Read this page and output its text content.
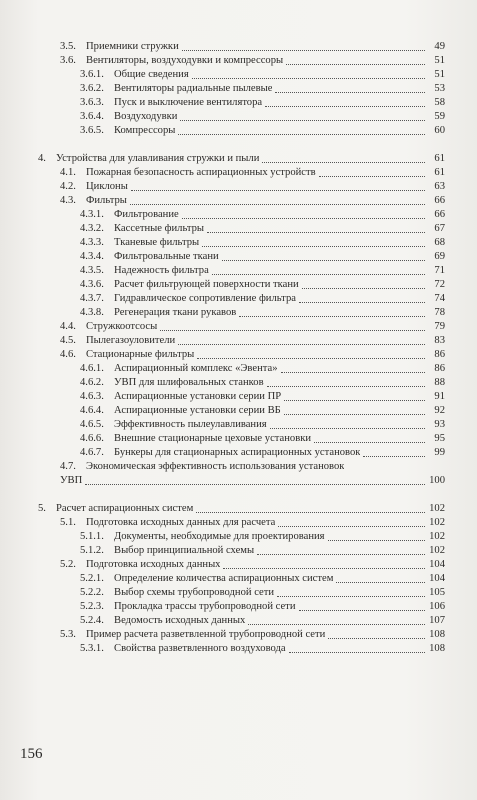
3.5. Приемники стружки	49
3.6. Вентиляторы, воздуходувки и компрессоры	51
3.6.1. Общие сведения	51
3.6.2. Вентиляторы радиальные пылевые	53
3.6.3. Пуск и выключение вентилятора	58
3.6.4. Воздуходувки	59
3.6.5. Компрессоры	60
4. Устройства для улавливания стружки и пыли	61
4.1. Пожарная безопасность аспирационных устройств	61
4.2. Циклоны	63
4.3. Фильтры	66
4.3.1. Фильтрование	66
4.3.2. Кассетные фильтры	67
4.3.3. Тканевые фильтры	68
4.3.4. Фильтровальные ткани	69
4.3.5. Надежность фильтра	71
4.3.6. Расчет фильтрующей поверхности ткани	72
4.3.7. Гидравлическое сопротивление фильтра	74
4.3.8. Регенерация ткани рукавов	78
4.4. Стружкоотсосы	79
4.5. Пылегазоуловители	83
4.6. Стационарные фильтры	86
4.6.1. Аспирационный комплекс «Эвента»	86
4.6.2. УВП для шлифовальных станков	88
4.6.3. Аспирационные установки серии ПР	91
4.6.4. Аспирационные установки серии ВБ	92
4.6.5. Эффективность пылеулавливания	93
4.6.6. Внешние стационарные цеховые установки	95
4.6.7. Бункеры для стационарных аспирационных установок	99
4.7. Экономическая эффективность использования установок
УВП	100
5. Расчет аспирационных систем	102
5.1. Подготовка исходных данных для расчета	102
5.1.1. Документы, необходимые для проектирования	102
5.1.2. Выбор принципиальной схемы	102
5.2. Подготовка исходных данных	104
5.2.1. Определение количества аспирационных систем	104
5.2.2. Выбор схемы трубопроводной сети	105
5.2.3. Прокладка трассы трубопроводной сети	106
5.2.4. Ведомость исходных данных	107
5.3. Пример расчета разветвленной трубопроводной сети	108
5.3.1. Свойства разветвленного воздуховода	108
156
